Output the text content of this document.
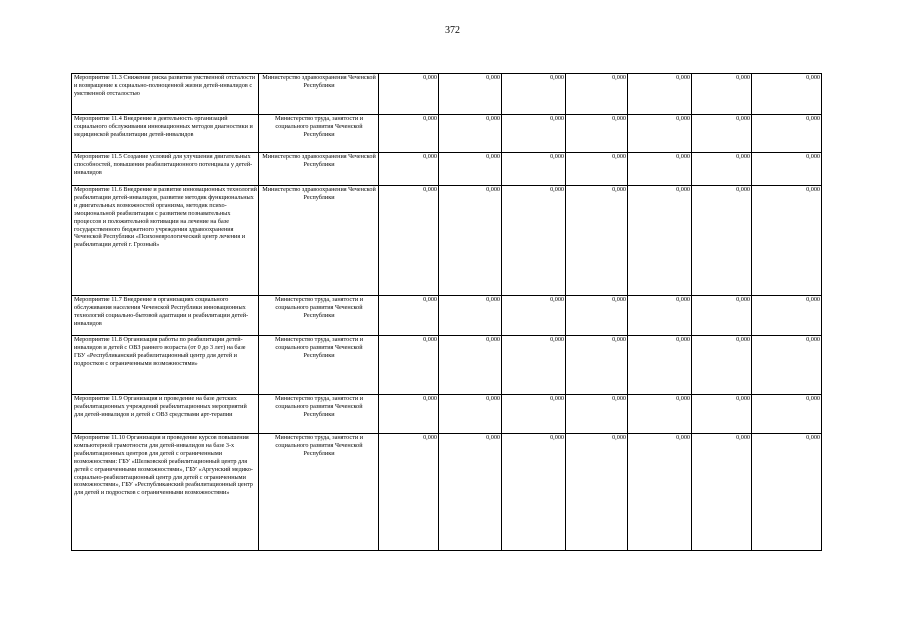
372
Мероприятие 11.3 Снижение риска развития умственной отсталости и возвращение к социально-полноценной жизни детей-инвалидов с умственной отсталостью	Министерство здравоохранения Чеченской Республики	0,000	0,000	0,000	0,000	0,000	0,000	0,000
Мероприятие 11.4 Внедрение в деятельность организаций социального обслуживания инновационных методов диагностики и медицинской реабилитации детей-инвалидов	Министерство труда, занятости и социального развития Чеченской Республики	0,000	0,000	0,000	0,000	0,000	0,000	0,000
Мероприятие 11.5 Создание условий для улучшения двигательных способностей, повышения реабилитационного потенциала у детей-инвалидов	Министерство здравоохранения Чеченской Республики	0,000	0,000	0,000	0,000	0,000	0,000	0,000
Мероприятие 11.6 Внедрение и развитие инновационных технологий реабилитации детей-инвалидов, развитие методик функциональных и двигательных возможностей организма, методик психо-эмоциональной реабилитации с развитием познавательных процессов и положительной мотивации на лечение на базе государственного бюджетного учреждения здравоохранения Чеченской Республики «Психоневрологический центр лечения и реабилитации детей г. Грозный»	Министерство здравоохранения Чеченской Республики	0,000	0,000	0,000	0,000	0,000	0,000	0,000
Мероприятие 11.7 Внедрение в организациях социального обслуживания населения Чеченской Республики инновационных технологий социально-бытовой адаптации и реабилитации детей-инвалидов	Министерство труда, занятости и социального развития Чеченской Республики	0,000	0,000	0,000	0,000	0,000	0,000	0,000
Мероприятие 11.8 Организация работы по реабилитации детей-инвалидов и детей с ОВЗ раннего возраста (от 0 до 3 лет) на базе ГБУ «Республиканский реабилитационный центр для детей и подростков с ограниченными возможностями»	Министерство труда, занятости и социального развития Чеченской Республики	0,000	0,000	0,000	0,000	0,000	0,000	0,000
Мероприятие 11.9 Организация и проведение на базе детских реабилитационных учреждений реабилитационных мероприятий для детей-инвалидов и детей с ОВЗ средствами арт-терапии	Министерство труда, занятости и социального развития Чеченской Республики	0,000	0,000	0,000	0,000	0,000	0,000	0,000
Мероприятие 11.10 Организация и проведение курсов повышения компьютерной грамотности для детей-инвалидов на базе 3-х реабилитационных центров для детей с ограниченными возможностями: ГБУ «Шелковской реабилитационный центр для детей с ограниченными возможностями», ГБУ «Аргунский медико-социально-реабилитационный центр для детей с ограниченными возможностями», ГБУ «Республиканский реабилитационный центр для детей и подростков с ограниченными возможностями»	Министерство труда, занятости и социального развития Чеченской Республики	0,000	0,000	0,000	0,000	0,000	0,000	0,000
